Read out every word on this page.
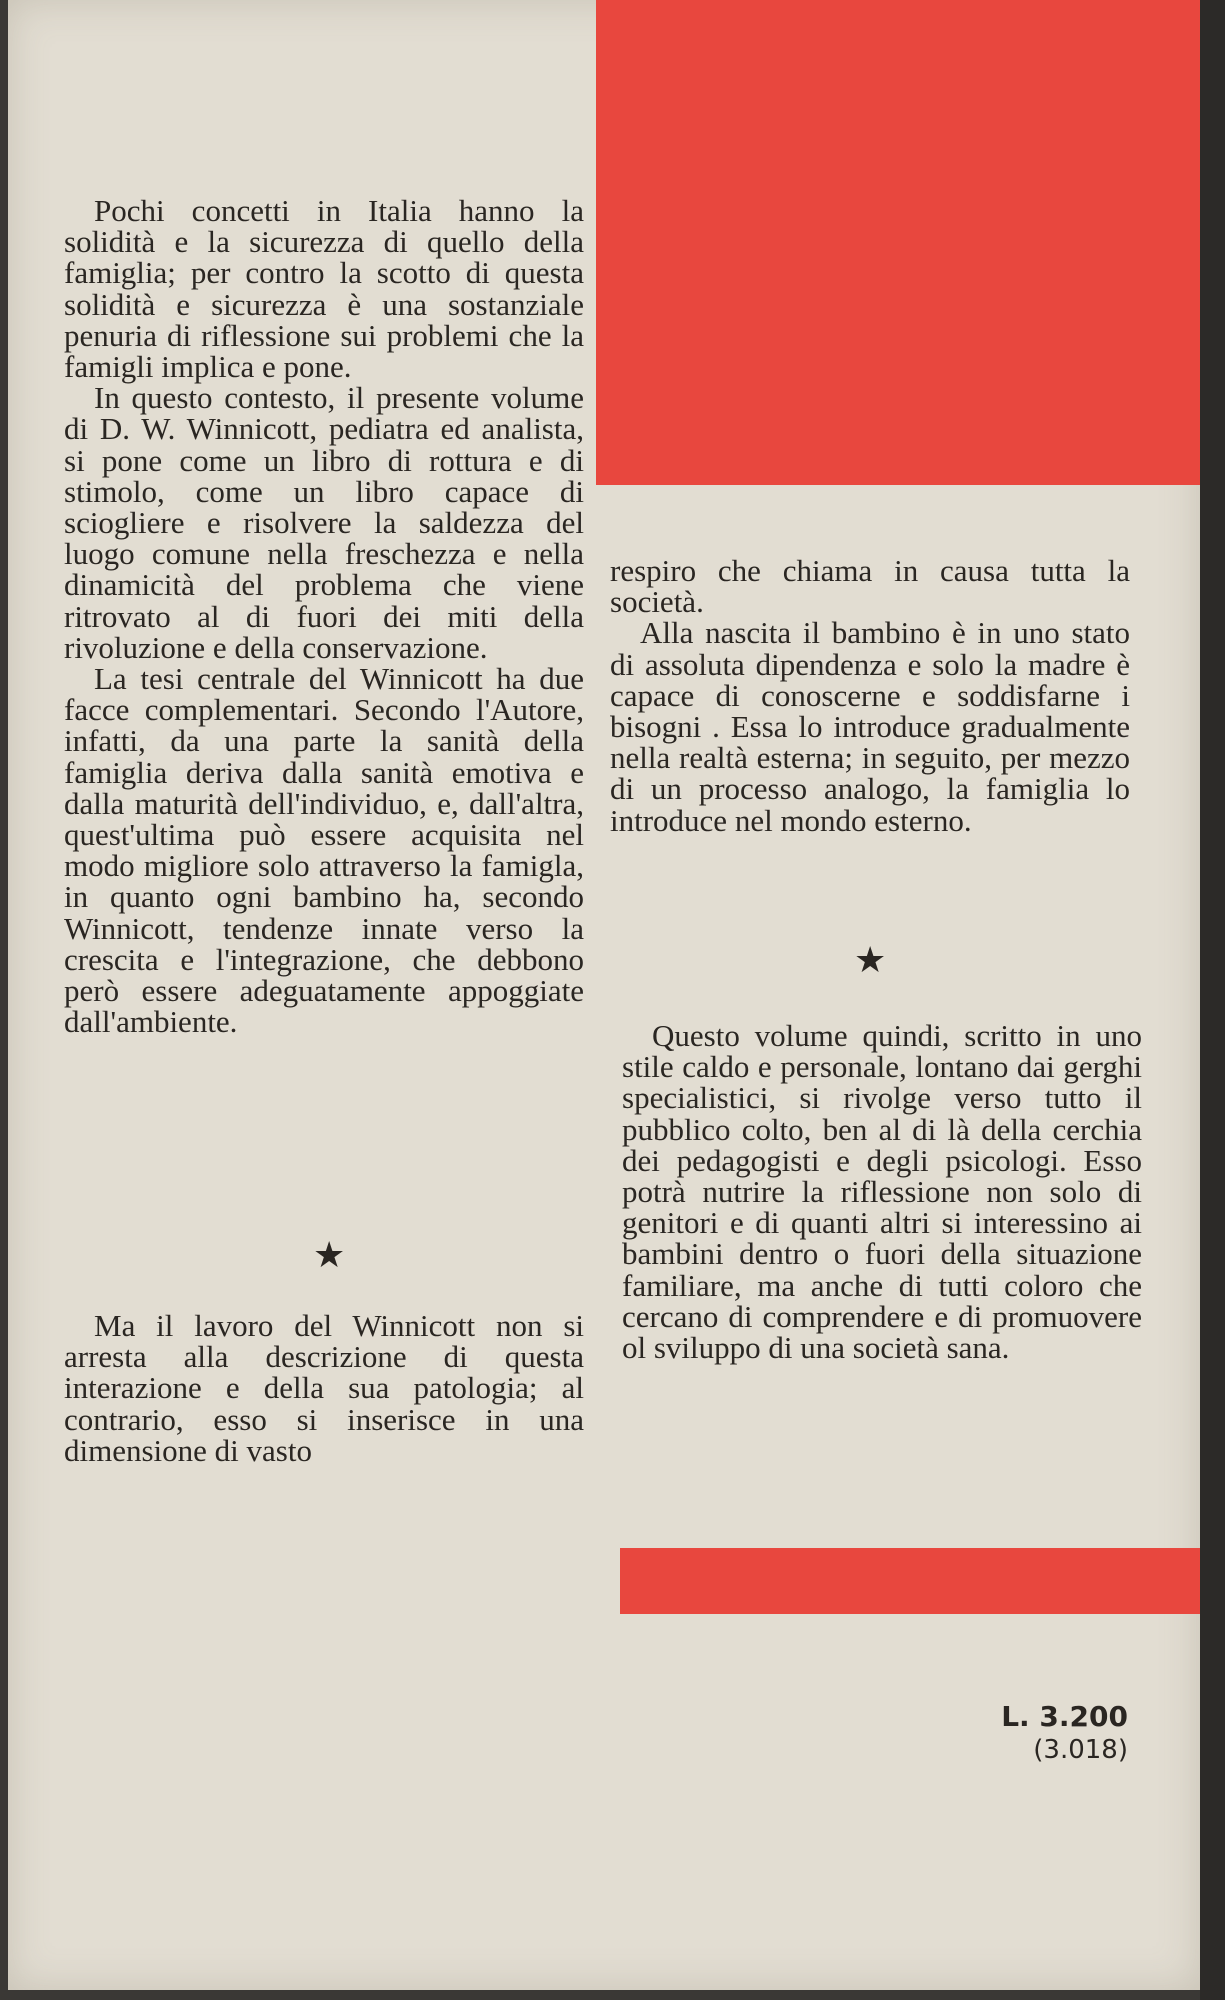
Pochi concetti in Italia hanno la solidità e la sicurezza di quello della famiglia; per contro la scotto di questa solidità e sicurezza è una sostanziale penuria di riflessione sui problemi che la famigli implica e pone.

In questo contesto, il presente volume di D. W. Winnicott, pediatra ed analista, si pone come un libro di rottura e di stimolo, come un libro capace di sciogliere e risolvere la saldezza del luogo comune nella freschezza e nella dinamicità del problema che viene ritrovato al di fuori dei miti della rivoluzione e della conservazione.

La tesi centrale del Winnicott ha due facce complementari. Secondo l'Autore, infatti, da una parte la sanità della famiglia deriva dalla sanità emotiva e dalla maturità dell'individuo, e, dall'altra, quest'ultima può essere acquisita nel modo migliore solo attraverso la famigla, in quanto ogni bambino ha, secondo Winnicott, tendenze innate verso la crescita e l'integrazione, che debbono però essere adeguatamente appoggiate dall'ambiente.

★

Ma il lavoro del Winnicott non si arresta alla descrizione di questa interazione e della sua patologia; al contrario, esso si inserisce in una dimensione di vasto

respiro che chiama in causa tutta la società.

Alla nascita il bambino è in uno stato di assoluta dipendenza e solo la madre è capace di conoscerne e soddisfarne i bisogni . Essa lo introduce gradualmente nella realtà esterna; in seguito, per mezzo di un processo analogo, la famiglia lo introduce nel mondo esterno.

★

Questo volume quindi, scritto in uno stile caldo e personale, lontano dai gerghi specialistici, si rivolge verso tutto il pubblico colto, ben al di là della cerchia dei pedagogisti e degli psicologi. Esso potrà nutrire la riflessione non solo di genitori e di quanti altri si interessino ai bambini dentro o fuori della situazione familiare, ma anche di tutti coloro che cercano di comprendere e di promuovere ol sviluppo di una società sana.

L. 3.200
(3.018)
